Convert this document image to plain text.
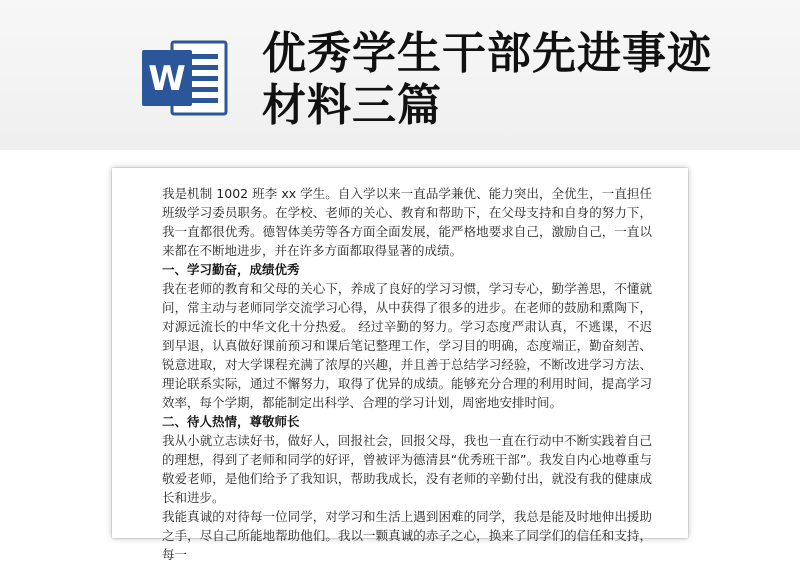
W 优秀学生干部先进事迹材料三篇

我是机制 1002 班李 xx 学生。自入学以来一直品学兼优、能力突出，全优生，一直担任班级学习委员职务。在学校、老师的关心、教育和帮助下，在父母支持和自身的努力下，我一直都很优秀。德智体美劳等各方面全面发展，能严格地要求自己，激励自己，一直以来都在不断地进步，并在许多方面都取得显著的成绩。

一、学习勤奋，成绩优秀

我在老师的教育和父母的关心下，养成了良好的学习习惯，学习专心，勤学善思，不懂就问，常主动与老师同学交流学习心得，从中获得了很多的进步。在老师的鼓励和熏陶下，对源远流长的中华文化十分热爱。 经过辛勤的努力。学习态度严肃认真，不逃课，不迟到早退，认真做好课前预习和课后笔记整理工作，学习目的明确，态度端正，勤奋刻苦、锐意进取，对大学课程充满了浓厚的兴趣，并且善于总结学习经验，不断改进学习方法、理论联系实际，通过不懈努力，取得了优异的成绩。能够充分合理的利用时间，提高学习效率，每个学期，都能制定出科学、合理的学习计划，周密地安排时间。

二、待人热情，尊敬师长

我从小就立志读好书，做好人，回报社会，回报父母，我也一直在行动中不断实践着自己的理想，得到了老师和同学的好评，曾被评为德清县“优秀班干部”。我发自内心地尊重与敬爱老师，是他们给予了我知识，帮助我成长，没有老师的辛勤付出，就没有我的健康成长和进步。

我能真诚的对待每一位同学，对学习和生活上遇到困难的同学，我总是能及时地伸出援助之手，尽自己所能地帮助他们。我以一颗真诚的赤子之心，换来了同学们的信任和支持，每一
